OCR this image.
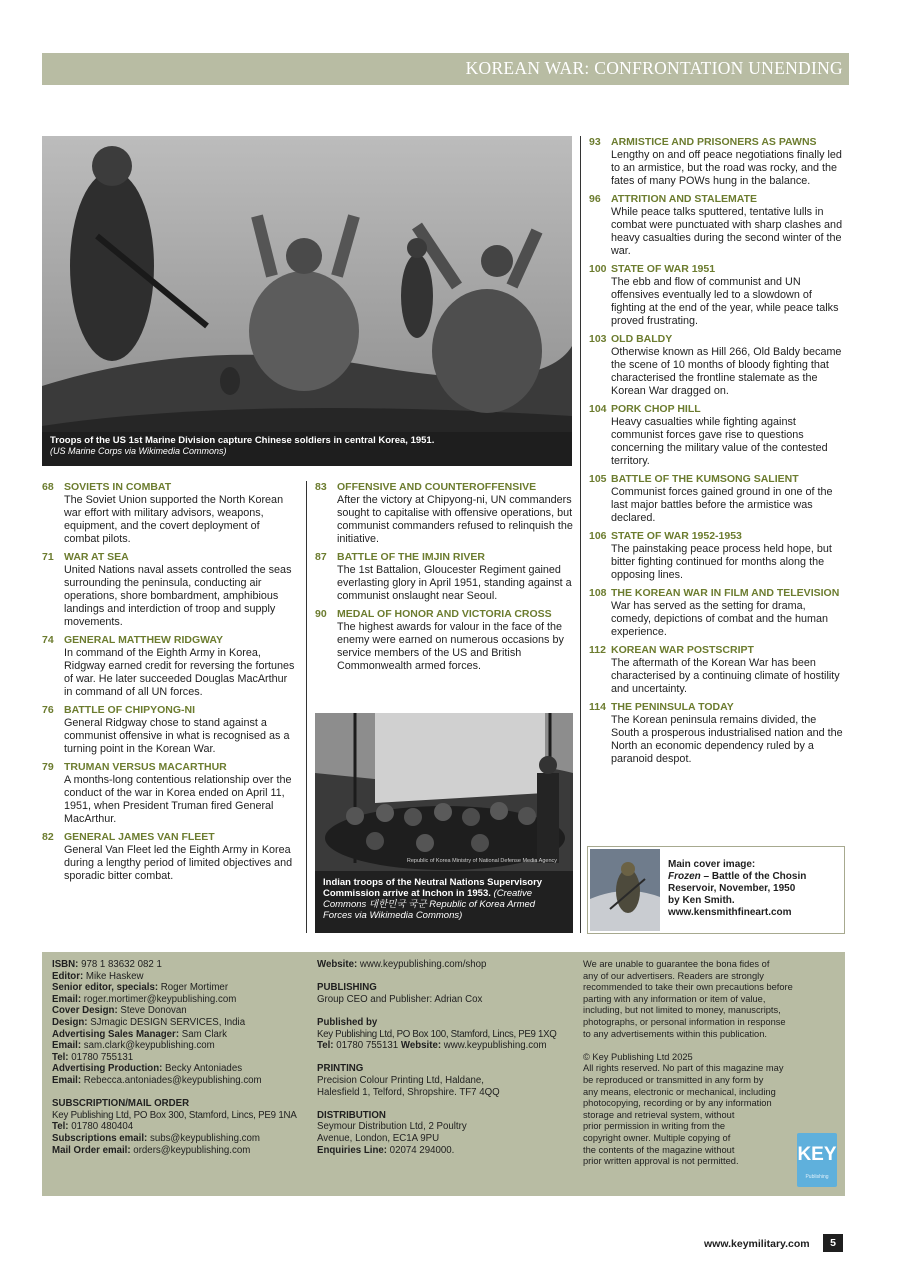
KOREAN WAR: CONFRONTATION UNENDING
Troops of the US 1st Marine Division capture Chinese soldiers in central Korea, 1951.
(US Marine Corps via Wikimedia Commons)
68 SOVIETS IN COMBAT
The Soviet Union supported the North Korean war effort with military advisors, weapons, equipment, and the covert deployment of combat pilots.
71 WAR AT SEA
United Nations naval assets controlled the seas surrounding the peninsula, conducting air operations, shore bombardment, amphibious landings and interdiction of troop and supply movements.
74 GENERAL MATTHEW RIDGWAY
In command of the Eighth Army in Korea, Ridgway earned credit for reversing the fortunes of war. He later succeeded Douglas MacArthur in command of all UN forces.
76 BATTLE OF CHIPYONG-NI
General Ridgway chose to stand against a communist offensive in what is recognised as a turning point in the Korean War.
79 TRUMAN VERSUS MACARTHUR
A months-long contentious relationship over the conduct of the war in Korea ended on April 11, 1951, when President Truman fired General MacArthur.
82 GENERAL JAMES VAN FLEET
General Van Fleet led the Eighth Army in Korea during a lengthy period of limited objectives and sporadic bitter combat.
83 OFFENSIVE AND COUNTEROFFENSIVE
After the victory at Chipyong-ni, UN commanders sought to capitalise with offensive operations, but communist commanders refused to relinquish the initiative.
87 BATTLE OF THE IMJIN RIVER
The 1st Battalion, Gloucester Regiment gained everlasting glory in April 1951, standing against a communist onslaught near Seoul.
90 MEDAL OF HONOR AND VICTORIA CROSS
The highest awards for valour in the face of the enemy were earned on numerous occasions by service members of the US and British Commonwealth armed forces.
93 ARMISTICE AND PRISONERS AS PAWNS
Lengthy on and off peace negotiations finally led to an armistice, but the road was rocky, and the fates of many POWs hung in the balance.
96 ATTRITION AND STALEMATE
While peace talks sputtered, tentative lulls in combat were punctuated with sharp clashes and heavy casualties during the second winter of the war.
100 STATE OF WAR 1951
The ebb and flow of communist and UN offensives eventually led to a slowdown of fighting at the end of the year, while peace talks proved frustrating.
103 OLD BALDY
Otherwise known as Hill 266, Old Baldy became the scene of 10 months of bloody fighting that characterised the frontline stalemate as the Korean War dragged on.
104 PORK CHOP HILL
Heavy casualties while fighting against communist forces gave rise to questions concerning the military value of the contested territory.
105 BATTLE OF THE KUMSONG SALIENT
Communist forces gained ground in one of the last major battles before the armistice was declared.
106 STATE OF WAR 1952-1953
The painstaking peace process held hope, but bitter fighting continued for months along the opposing lines.
108 THE KOREAN WAR IN FILM AND TELEVISION
War has served as the setting for drama, comedy, depictions of combat and the human experience.
112 KOREAN WAR POSTSCRIPT
The aftermath of the Korean War has been characterised by a continuing climate of hostility and uncertainty.
114 THE PENINSULA TODAY
The Korean peninsula remains divided, the South a prosperous industrialised nation and the North an economic dependency ruled by a paranoid despot.
Republic of Korea Ministry of National Defense Media Agency
Indian troops of the Neutral Nations Supervisory Commission arrive at Inchon in 1953. (Creative Commons 대한민국 국군 Republic of Korea Armed Forces via Wikimedia Commons)
Main cover image:
Frozen – Battle of the Chosin Reservoir, November, 1950
by Ken Smith.
www.kensmithfineart.com
ISBN: 978 1 83632 082 1
Editor: Mike Haskew
Senior editor, specials: Roger Mortimer
Email: roger.mortimer@keypublishing.com
Cover Design: Steve Donovan
Design: SJmagic DESIGN SERVICES, India
Advertising Sales Manager: Sam Clark
Email: sam.clark@keypublishing.com
Tel: 01780 755131
Advertising Production: Becky Antoniades
Email: Rebecca.antoniades@keypublishing.com
SUBSCRIPTION/MAIL ORDER
Key Publishing Ltd, PO Box 300, Stamford, Lincs, PE9 1NA
Tel: 01780 480404
Subscriptions email: subs@keypublishing.com
Mail Order email: orders@keypublishing.com
Website: www.keypublishing.com/shop
PUBLISHING
Group CEO and Publisher: Adrian Cox
Published by
Key Publishing Ltd, PO Box 100, Stamford, Lincs, PE9 1XQ
Tel: 01780 755131 Website: www.keypublishing.com
PRINTING
Precision Colour Printing Ltd, Haldane,
Halesfield 1, Telford, Shropshire. TF7 4QQ
DISTRIBUTION
Seymour Distribution Ltd, 2 Poultry
Avenue, London, EC1A 9PU
Enquiries Line: 02074 294000.
We are unable to guarantee the bona fides of
any of our advertisers. Readers are strongly
recommended to take their own precautions before
parting with any information or item of value,
including, but not limited to money, manuscripts,
photographs, or personal information in response
to any advertisements within this publication.
© Key Publishing Ltd 2025
All rights reserved. No part of this magazine may
be reproduced or transmitted in any form by
any means, electronic or mechanical, including
photocopying, recording or by any information
storage and retrieval system, without
prior permission in writing from the
copyright owner. Multiple copying of
the contents of the magazine without
prior written approval is not permitted.	KEY
Publishing
www.keymilitary.com	5
